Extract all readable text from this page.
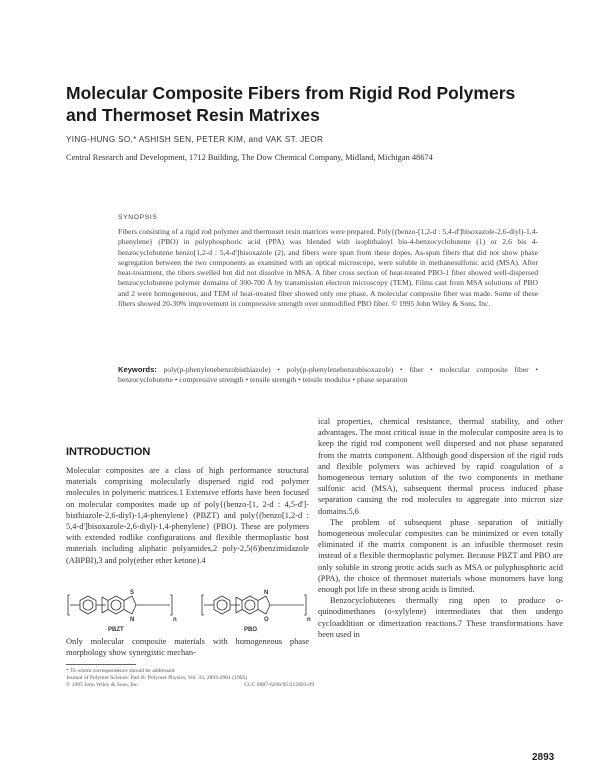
Molecular Composite Fibers from Rigid Rod Polymers and Thermoset Resin Matrixes

YING-HUNG SO,* ASHISH SEN, PETER KIM, and VAK ST. JEOR

Central Research and Development, 1712 Building, The Dow Chemical Company, Midland, Michigan 48674

SYNOPSIS

Fibers consisting of a rigid rod polymer and thermoset resin matrices were prepared. Poly{(benzo-[1,2-d : 5,4-d']bisoxazole-2,6-diyl)-1,4-phenylene} (PBO) in polyphosphoric acid (PPA) was blended with isophthaloyl bis-4-benzocyclobutene (1) or 2,6 bis 4-benzocyclobutene benzo[1,2-d : 5,4-d']bisoxazole (2), and fibers were spun from these dopes. As-spun fibers that did not show phase segregation between the two components as examined with an optical microscope, were soluble in methanesulfonic acid (MSA). After heat-treatment, the tibers swelled but did not dissolve in MSA. A fiber cross section of heat-treated PBO-1 fiber showed well-dispersed benzocyclobutene polymer domains of 300-700 Å by transmission electron microscopy (TEM). Films cast from MSA solutions of PBO and 2 were homogeneous, and TEM of heat-treated fiber showed only one phase. A molecular composite fiber was made. Some of these fibers showed 20-30% improvement in compressive strength over unmodified PBO fiber. © 1995 John Wiley & Sons, Inc.

Keywords: poly(p-phenylenebenzobisthiazole) • poly(p-phenylenebenzobisoxazole) • fiber • molecular composite fiber • benzocyclobutene • compressive strength • tensile strength • tensile modulus • phase separation

INTRODUCTION

Molecular composites are a class of high performance structural materials comprising molecularly dispersed rigid rod polymer molecules in polymeric matrices.1 Extensive efforts have been focused on molecular composites made up of poly{(benzo-[1, 2-d : 4,5-d']-bisthiazole-2,6-diyl)-1,4-phenylene} (PBZT) and poly{(benzo[1,2-d : 5,4-d']bisoxazole-2,6-diyl)-1,4-phenylene} (PBO). These are polymers with extended rodlike configurations and flexible thermoplastic host materials including aliphatic polyamides,2 poly-2,5(6)benzimidazole (ABPBI),3 and poly(ether ether ketone).4

S
N	n
PBZT
N
O	n
PBO

Only molecular composite materials with homogeneous phase morphology show synergistic mechan-

* To whom correspondence should be addressed.
Journal of Polymer Science: Part B: Polymer Physics, Vol. 33, 2893-2901 (1995)
© 1995 John Wiley & Sons, Inc.	CCC 0887-6266/95/212893-09

ical properties, chemical resistance, thermal stability, and other advantages. The most critical issue in the molecular composite area is to keep the rigid rod component well dispersed and not phase separated from the matrix component. Although good dispersion of the rigid rods and flexible polymers was achieved by rapid coagulation of a homogeneous ternary solution of the two components in methane sulfonic acid (MSA), subsequent thermal process induced phase separation causing the rod molecules to aggregate into micron size domains.5,6

The problem of subsequent phase separation of initially homogeneous molecular composites can be minimized or even totally eliminated if the matrix component is an infusible thermoset resin instead of a flexible thermoplastic polymer. Because PBZT and PBO are only soluble in strong protic acids such as MSA or polyphosphoric acid (PPA), the choice of thermoset materials whose monomers have long enough pot life in these strong acids is limited.

Benzocyclobutenes thermally ring open to produce o-quinodimethanes (o-xylylene) intermediates that then undergo cycloaddition or dimerization reactions.7 These transformations have been used in

2893
